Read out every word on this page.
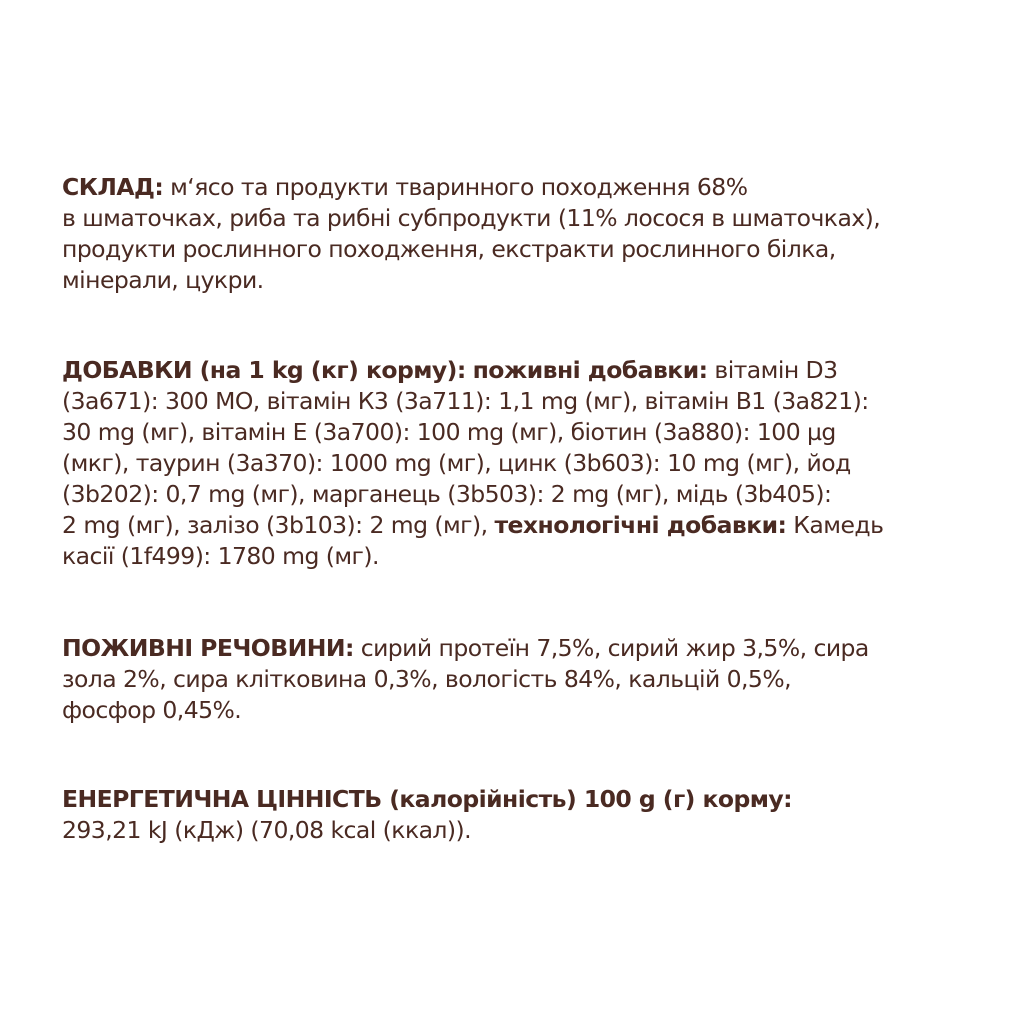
СКЛАД: м‘ясо та продукти тваринного походження 68%
в шматочках, риба та рибні субпродукти (11% лосося в шматочках),
продукти рослинного походження, екстракти рослинного білка,
мінерали, цукри.

ДОБАВКИ (на 1 kg (кг) корму): поживні добавки: вітамін D3
(3a671): 300 МО, вітамін К3 (3a711): 1,1 mg (мг), вітамін В1 (3a821):
30 mg (мг), вітамін Е (3a700): 100 mg (мг), біотин (3a880): 100 µg
(мкг), таурин (3a370): 1000 mg (мг), цинк (3b603): 10 mg (мг), йод
(3b202): 0,7 mg (мг), марганець (3b503): 2 mg (мг), мідь (3b405):
2 mg (мг), залізо (3b103): 2 mg (мг), технологічні добавки: Камедь
касії (1f499): 1780 mg (мг).

ПОЖИВНІ РЕЧОВИНИ: сирий протеїн 7,5%, сирий жир 3,5%, сира
зола 2%, сира клітковина 0,3%, вологість 84%, кальцій 0,5%,
фосфор 0,45%.

ЕНЕРГЕТИЧНА ЦІННІСТЬ (калорійність) 100 g (г) корму:
293,21 kJ (кДж) (70,08 kcal (ккал)).
